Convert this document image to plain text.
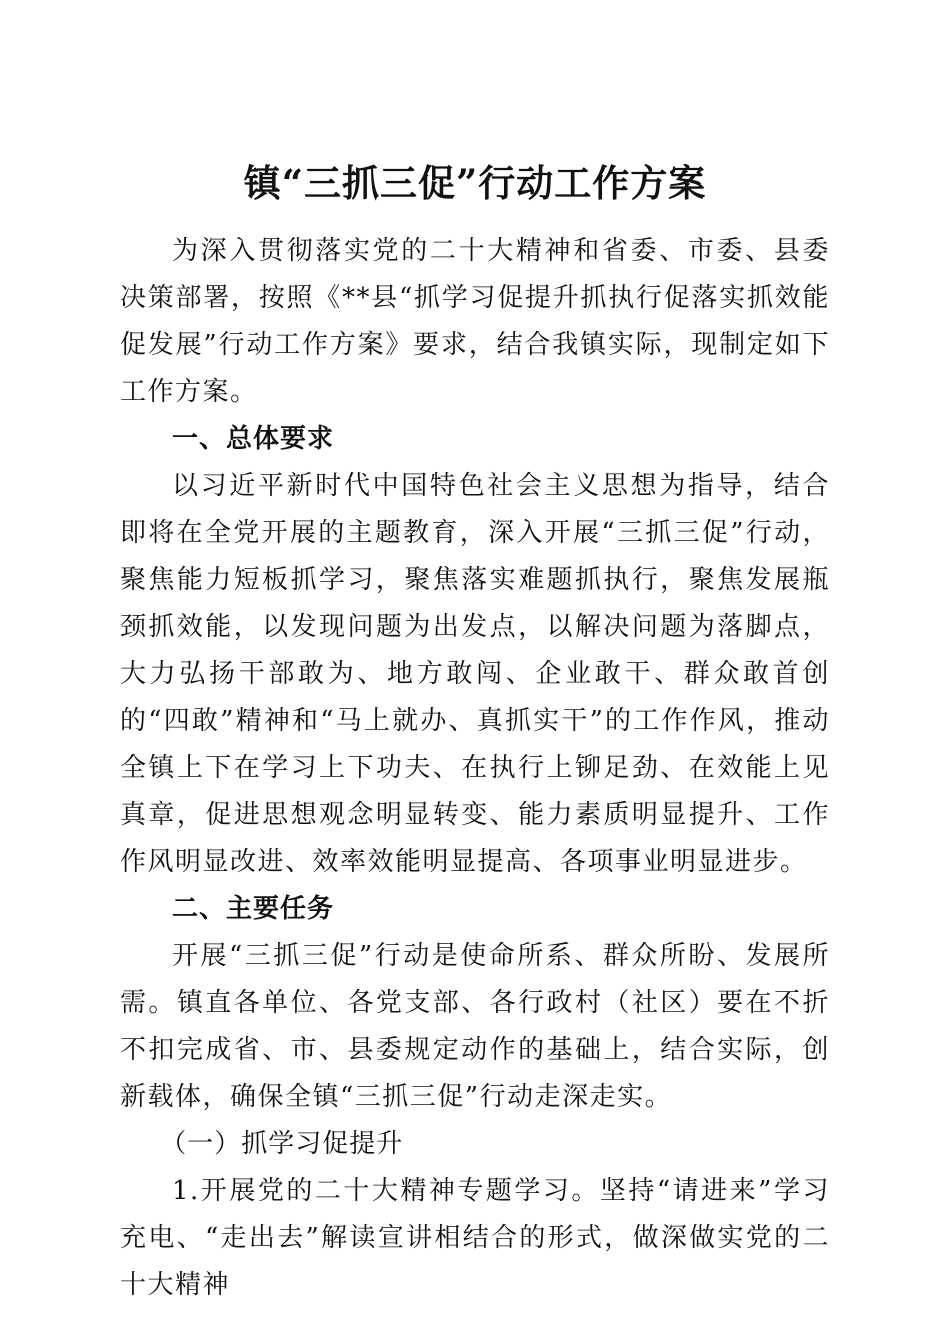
镇“三抓三促”行动工作方案

为深入贯彻落实党的二十大精神和省委、市委、县委决策部署，按照《**县“抓学习促提升抓执行促落实抓效能促发展”行动工作方案》要求，结合我镇实际，现制定如下工作方案。

一、总体要求

以习近平新时代中国特色社会主义思想为指导，结合即将在全党开展的主题教育，深入开展“三抓三促”行动，聚焦能力短板抓学习，聚焦落实难题抓执行，聚焦发展瓶颈抓效能，以发现问题为出发点，以解决问题为落脚点，大力弘扬干部敢为、地方敢闯、企业敢干、群众敢首创的“四敢”精神和“马上就办、真抓实干”的工作作风，推动全镇上下在学习上下功夫、在执行上铆足劲、在效能上见真章，促进思想观念明显转变、能力素质明显提升、工作作风明显改进、效率效能明显提高、各项事业明显进步。

二、主要任务

开展“三抓三促”行动是使命所系、群众所盼、发展所需。镇直各单位、各党支部、各行政村（社区）要在不折不扣完成省、市、县委规定动作的基础上，结合实际，创新载体，确保全镇“三抓三促”行动走深走实。

（一）抓学习促提升

1.开展党的二十大精神专题学习。坚持“请进来”学习充电、“走出去”解读宣讲相结合的形式，做深做实党的二十大精神
